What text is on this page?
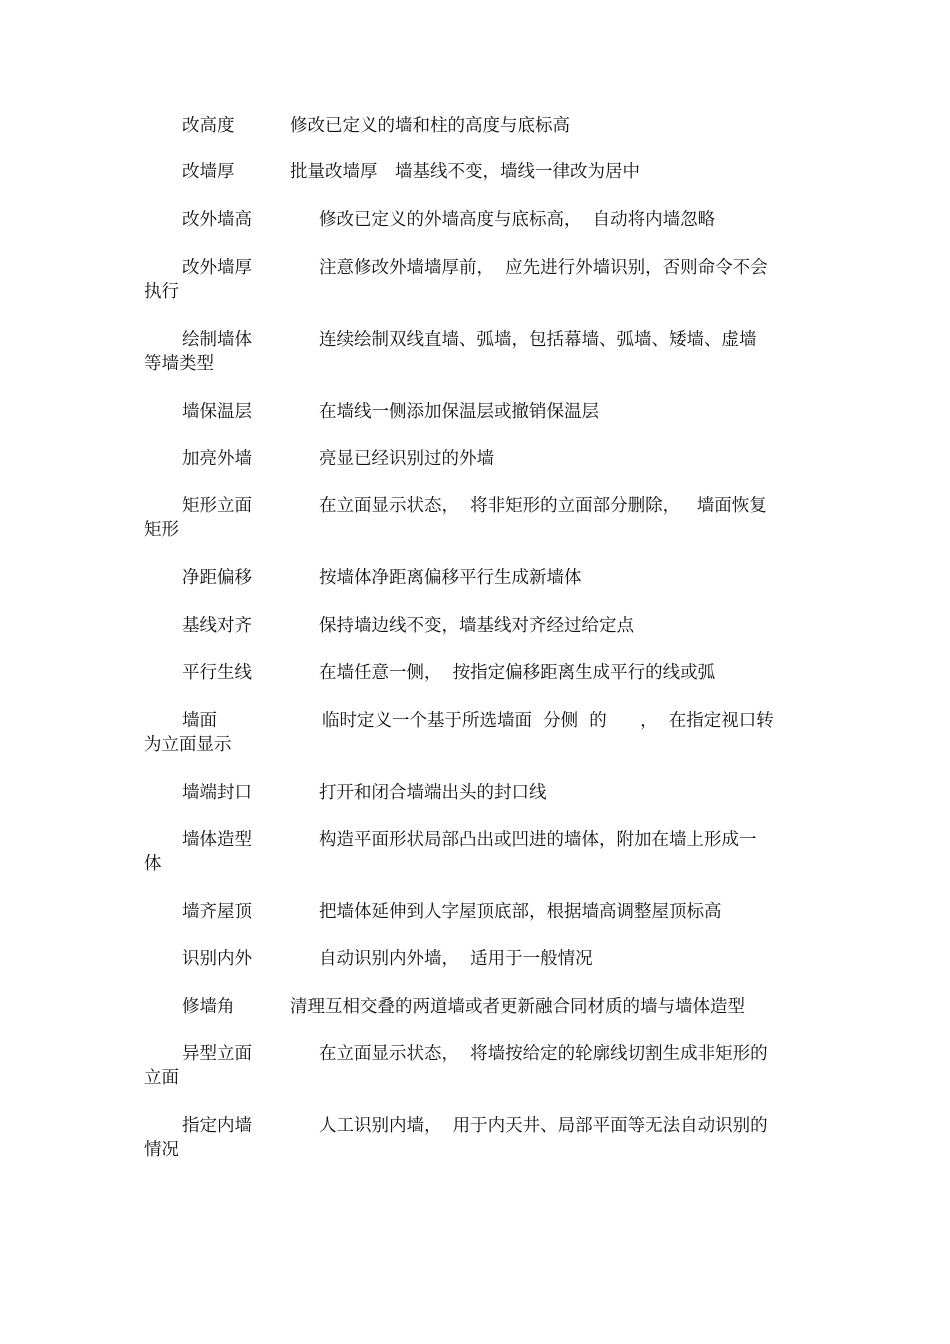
改高度	修改已定义的墙和柱的高度与底标高
改墙厚	批量改墙厚　墙基线不变，墙线一律改为居中
改外墙高	修改已定义的外墙高度与底标高，  自动将内墙忽略
改外墙厚	注意修改外墙墙厚前，  应先进行外墙识别，否则命令不会
执行
绘制墙体	连续绘制双线直墙、弧墙，包括幕墙、弧墙、矮墙、虚墙
等墙类型
墙保温层	在墙线一侧添加保温层或撤销保温层
加亮外墙	亮显已经识别过的外墙
矩形立面	在立面显示状态，  将非矩形的立面部分删除，   墙面恢复
矩形
净距偏移	按墙体净距离偏移平行生成新墙体
基线对齐	保持墙边线不变，墙基线对齐经过给定点
平行生线	在墙任意一侧，  按指定偏移距离生成平行的线或弧
墙面	临时定义一个基于所选墙面  分侧  的      ，  在指定视口转
为立面显示
墙端封口	打开和闭合墙端出头的封口线
墙体造型	构造平面形状局部凸出或凹进的墙体，附加在墙上形成一
体
墙齐屋顶	把墙体延伸到人字屋顶底部，根据墙高调整屋顶标高
识别内外	自动识别内外墙，  适用于一般情况
修墙角	清理互相交叠的两道墙或者更新融合同材质的墙与墙体造型
异型立面	在立面显示状态，  将墙按给定的轮廓线切割生成非矩形的
立面
指定内墙	人工识别内墙，  用于内天井、局部平面等无法自动识别的
情况
